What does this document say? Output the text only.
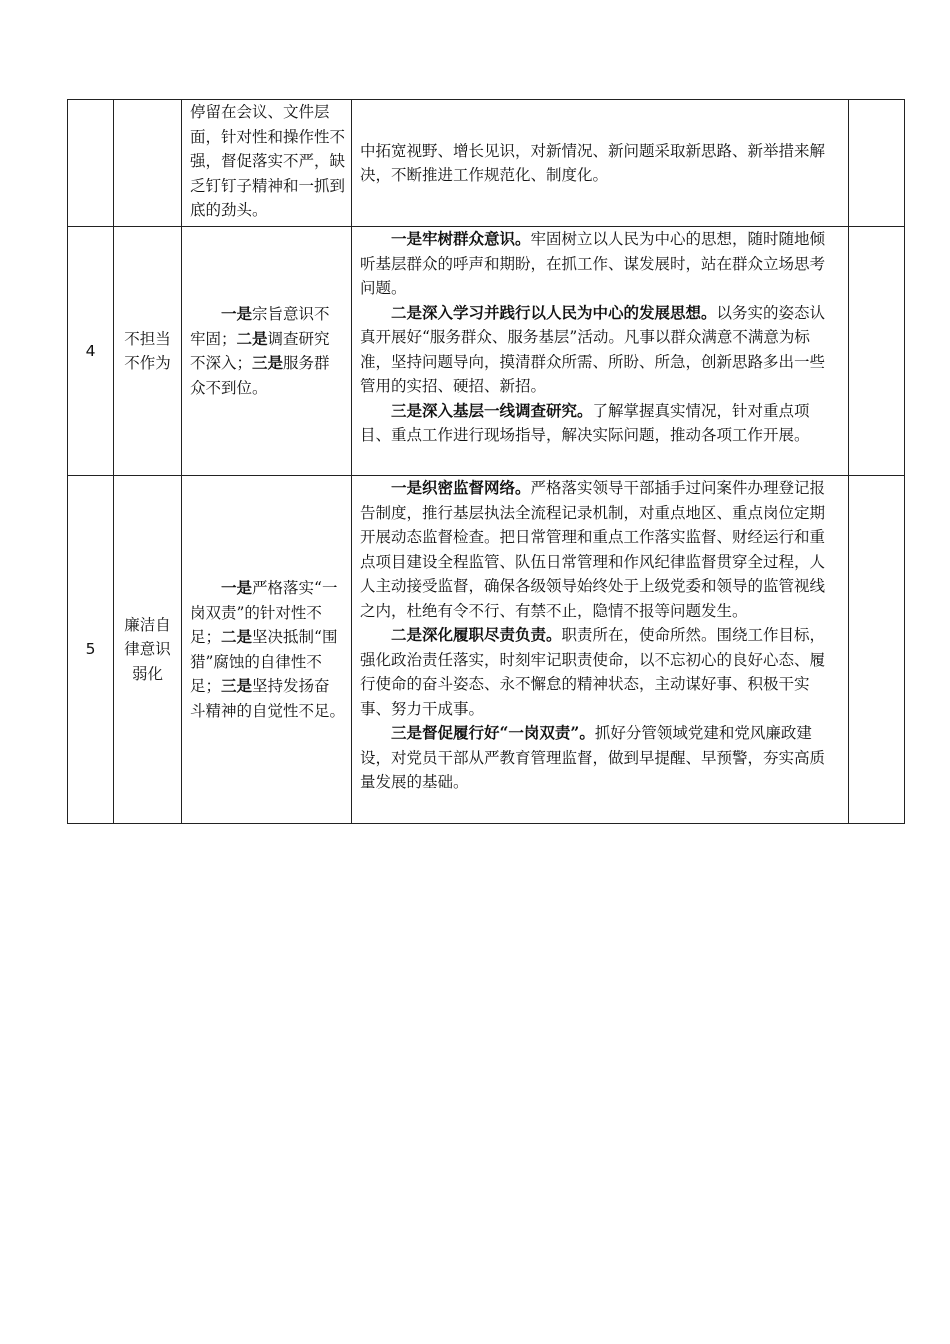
		停留在会议、文件层面，针对性和操作性不强，督促落实不严，缺乏钉钉子精神和一抓到底的劲头。	中拓宽视野、增长见识，对新情况、新问题采取新思路、新举措来解决，不断推进工作规范化、制度化。	

4	不担当不作为	一是宗旨意识不牢固；二是调查研究不深入；三是服务群众不到位。	一是牢树群众意识。牢固树立以人民为中心的思想，随时随地倾听基层群众的呼声和期盼，在抓工作、谋发展时，站在群众立场思考问题。

二是深入学习并践行以人民为中心的发展思想。以务实的姿态认真开展好“服务群众、服务基层”活动。凡事以群众满意不满意为标准，坚持问题导向，摸清群众所需、所盼、所急，创新思路多出一些管用的实招、硬招、新招。

三是深入基层一线调查研究。了解掌握真实情况，针对重点项目、重点工作进行现场指导，解决实际问题，推动各项工作开展。	

5	廉洁自律意识弱化	一是严格落实“一岗双责”的针对性不足；二是坚决抵制“围猎”腐蚀的自律性不足；三是坚持发扬奋斗精神的自觉性不足。	一是织密监督网络。严格落实领导干部插手过问案件办理登记报告制度，推行基层执法全流程记录机制，对重点地区、重点岗位定期开展动态监督检查。把日常管理和重点工作落实监督、财经运行和重点项目建设全程监管、队伍日常管理和作风纪律监督贯穿全过程，人人主动接受监督，确保各级领导始终处于上级党委和领导的监管视线之内，杜绝有令不行、有禁不止，隐情不报等问题发生。

二是深化履职尽责负责。职责所在，使命所然。围绕工作目标，强化政治责任落实，时刻牢记职责使命，以不忘初心的良好心态、履行使命的奋斗姿态、永不懈怠的精神状态，主动谋好事、积极干实事、努力干成事。

三是督促履行好“一岗双责”。抓好分管领域党建和党风廉政建设，对党员干部从严教育管理监督，做到早提醒、早预警，夯实高质量发展的基础。	
